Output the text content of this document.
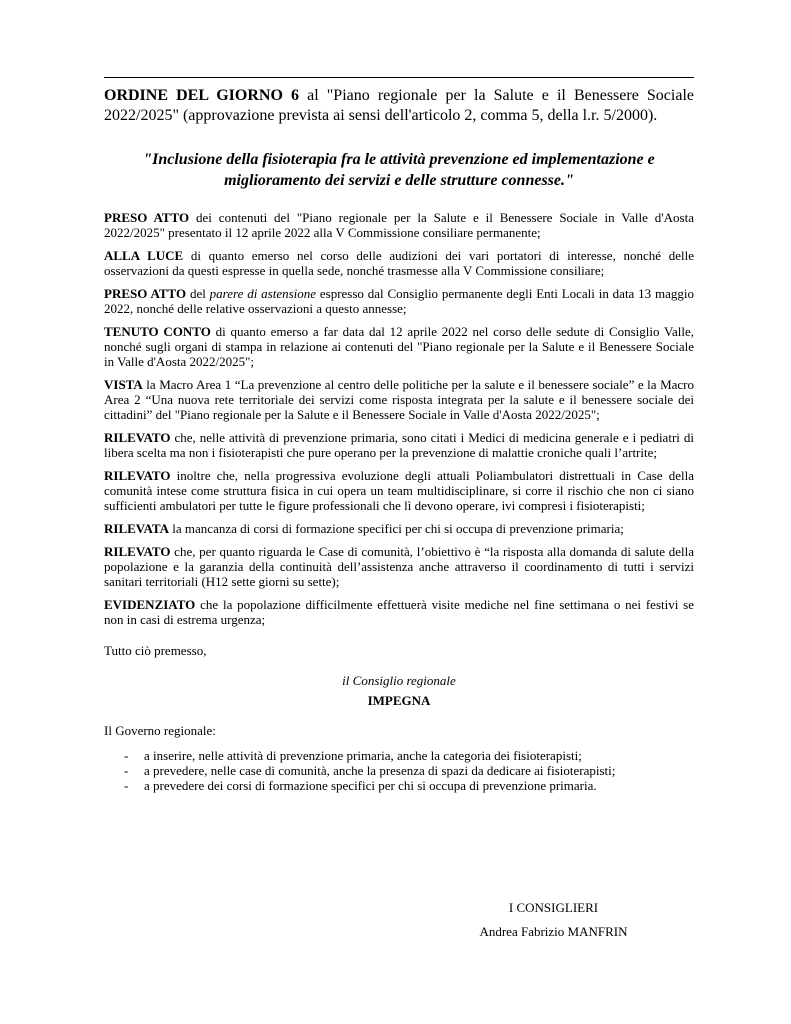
ORDINE DEL GIORNO 6 al "Piano regionale per la Salute e il Benessere Sociale 2022/2025" (approvazione prevista ai sensi dell'articolo 2, comma 5, della l.r. 5/2000).
"Inclusione della fisioterapia fra le attività prevenzione ed implementazione e miglioramento dei servizi e delle strutture connesse."

PRESO ATTO dei contenuti del "Piano regionale per la Salute e il Benessere Sociale in Valle d'Aosta 2022/2025" presentato il 12 aprile 2022 alla V Commissione consiliare permanente;

ALLA LUCE di quanto emerso nel corso delle audizioni dei vari portatori di interesse, nonché delle osservazioni da questi espresse in quella sede, nonché trasmesse alla V Commissione consiliare;

PRESO ATTO del parere di astensione espresso dal Consiglio permanente degli Enti Locali in data 13 maggio 2022, nonché delle relative osservazioni a questo annesse;

TENUTO CONTO di quanto emerso a far data dal 12 aprile 2022 nel corso delle sedute di Consiglio Valle, nonché sugli organi di stampa in relazione ai contenuti del "Piano regionale per la Salute e il Benessere Sociale in Valle d'Aosta 2022/2025";

VISTA la Macro Area 1 “La prevenzione al centro delle politiche per la salute e il benessere sociale” e la Macro Area 2 “Una nuova rete territoriale dei servizi come risposta integrata per la salute e il benessere sociale dei cittadini” del "Piano regionale per la Salute e il Benessere Sociale in Valle d'Aosta 2022/2025";

RILEVATO che, nelle attività di prevenzione primaria, sono citati i Medici di medicina generale e i pediatri di libera scelta ma non i fisioterapisti che pure operano per la prevenzione di malattie croniche quali l’artrite;

RILEVATO inoltre che, nella progressiva evoluzione degli attuali Poliambulatori distrettuali in Case della comunità intese come struttura fisica in cui opera un team multidisciplinare, si corre il rischio che non ci siano sufficienti ambulatori per tutte le figure professionali che lì devono operare, ivi compresi i fisioterapisti;

RILEVATA la mancanza di corsi di formazione specifici per chi si occupa di prevenzione primaria;

RILEVATO che, per quanto riguarda le Case di comunità, l’obiettivo è “la risposta alla domanda di salute della popolazione e la garanzia della continuità dell’assistenza anche attraverso il coordinamento di tutti i servizi sanitari territoriali (H12 sette giorni su sette);

EVIDENZIATO che la popolazione difficilmente effettuerà visite mediche nel fine settimana o nei festivi se non in casi di estrema urgenza;

Tutto ciò premesso,

il Consiglio regionale

IMPEGNA

Il Governo regionale:

- a inserire, nelle attività di prevenzione primaria, anche la categoria dei fisioterapisti;
- a prevedere, nelle case di comunità, anche la presenza di spazi da dedicare ai fisioterapisti;
- a prevedere dei corsi di formazione specifici per chi si occupa di prevenzione primaria.
I CONSIGLIERI
Andrea Fabrizio MANFRIN
